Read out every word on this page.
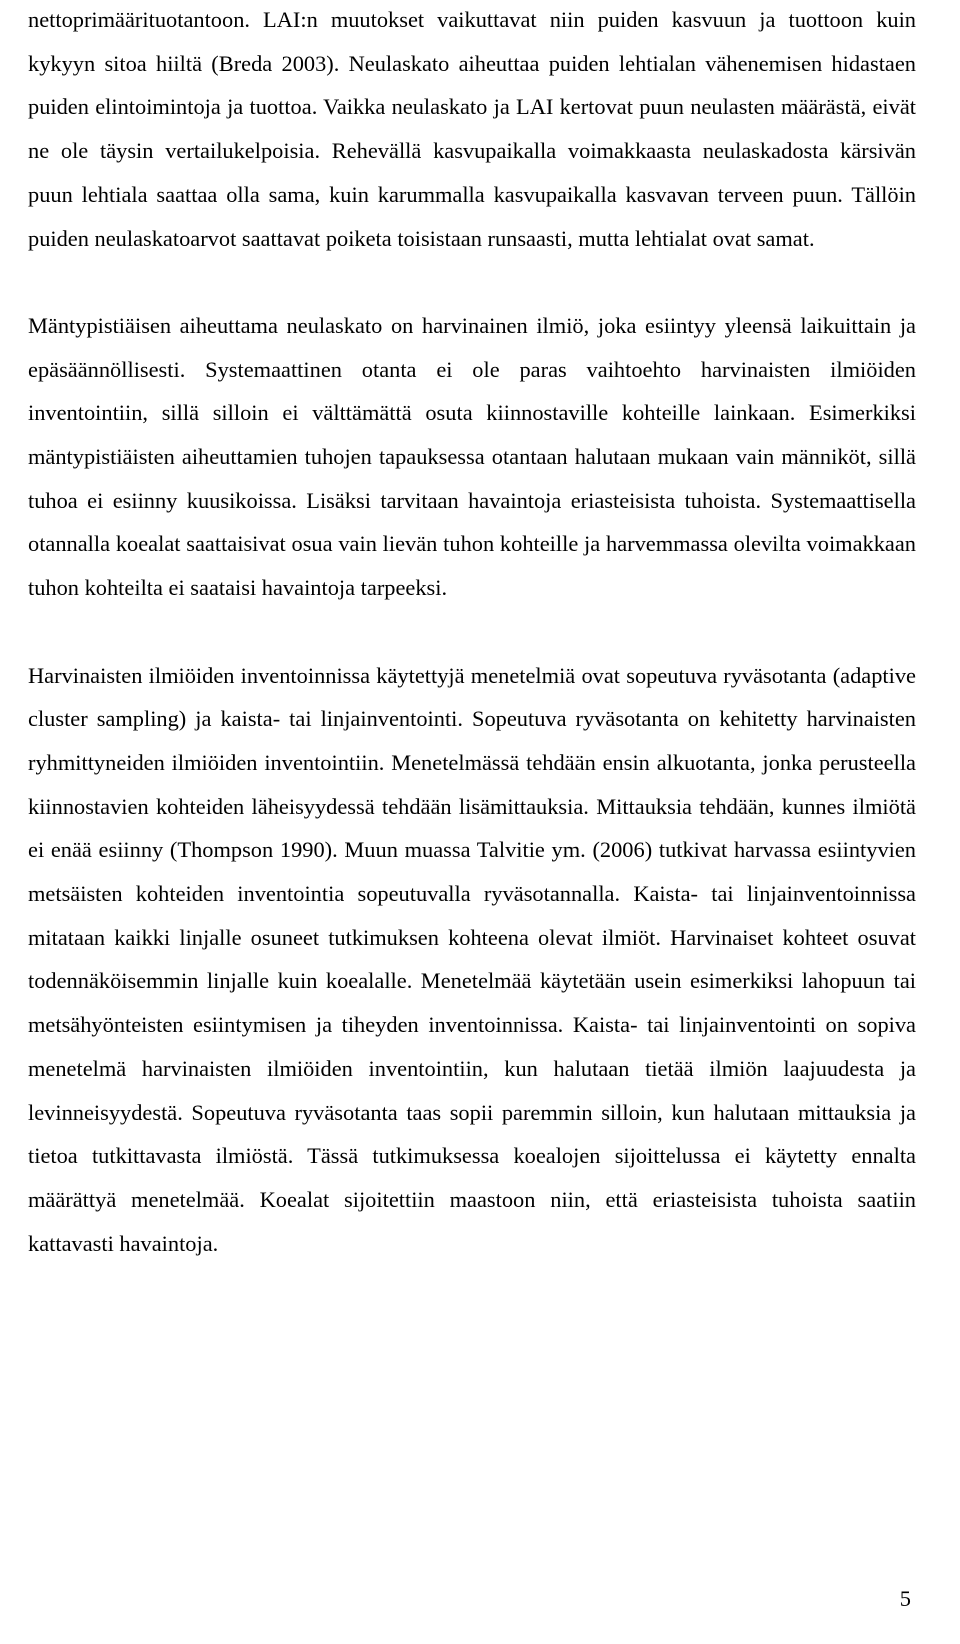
nettoprimäärituotantoon. LAI:n muutokset vaikuttavat niin puiden kasvuun ja tuottoon kuin kykyyn sitoa hiiltä (Breda 2003). Neulaskato aiheuttaa puiden lehtialan vähenemisen hidastaen puiden elintoimintoja ja tuottoa. Vaikka neulaskato ja LAI kertovat puun neulasten määrästä, eivät ne ole täysin vertailukelpoisia. Rehevällä kasvupaikalla voimakkaasta neulaskadosta kärsivän puun lehtiala saattaa olla sama, kuin karummalla kasvupaikalla kasvavan terveen puun. Tällöin puiden neulaskatoarvot saattavat poiketa toisistaan runsaasti, mutta lehtialat ovat samat.

Mäntypistiäisen aiheuttama neulaskato on harvinainen ilmiö, joka esiintyy yleensä laikuittain ja epäsäännöllisesti. Systemaattinen otanta ei ole paras vaihtoehto harvinaisten ilmiöiden inventointiin, sillä silloin ei välttämättä osuta kiinnostaville kohteille lainkaan. Esimerkiksi mäntypistiäisten aiheuttamien tuhojen tapauksessa otantaan halutaan mukaan vain männiköt, sillä tuhoa ei esiinny kuusikoissa. Lisäksi tarvitaan havaintoja eriasteisista tuhoista. Systemaattisella otannalla koealat saattaisivat osua vain lievän tuhon kohteille ja harvemmassa olevilta voimakkaan tuhon kohteilta ei saataisi havaintoja tarpeeksi.

Harvinaisten ilmiöiden inventoinnissa käytettyjä menetelmiä ovat sopeutuva ryväsotanta (adaptive cluster sampling) ja kaista- tai linjainventointi. Sopeutuva ryväsotanta on kehitetty harvinaisten ryhmittyneiden ilmiöiden inventointiin. Menetelmässä tehdään ensin alkuotanta, jonka perusteella kiinnostavien kohteiden läheisyydessä tehdään lisämittauksia. Mittauksia tehdään, kunnes ilmiötä ei enää esiinny (Thompson 1990). Muun muassa Talvitie ym. (2006) tutkivat harvassa esiintyvien metsäisten kohteiden inventointia sopeutuvalla ryväsotannalla. Kaista- tai linjainventoinnissa mitataan kaikki linjalle osuneet tutkimuksen kohteena olevat ilmiöt. Harvinaiset kohteet osuvat todennäköisemmin linjalle kuin koealalle. Menetelmää käytetään usein esimerkiksi lahopuun tai metsähyönteisten esiintymisen ja tiheyden inventoinnissa. Kaista- tai linjainventointi on sopiva menetelmä harvinaisten ilmiöiden inventointiin, kun halutaan tietää ilmiön laajuudesta ja levinneisyydestä. Sopeutuva ryväsotanta taas sopii paremmin silloin, kun halutaan mittauksia ja tietoa tutkittavasta ilmiöstä. Tässä tutkimuksessa koealojen sijoittelussa ei käytetty ennalta määrättyä menetelmää. Koealat sijoitettiin maastoon niin, että eriasteisista tuhoista saatiin kattavasti havaintoja.

5
